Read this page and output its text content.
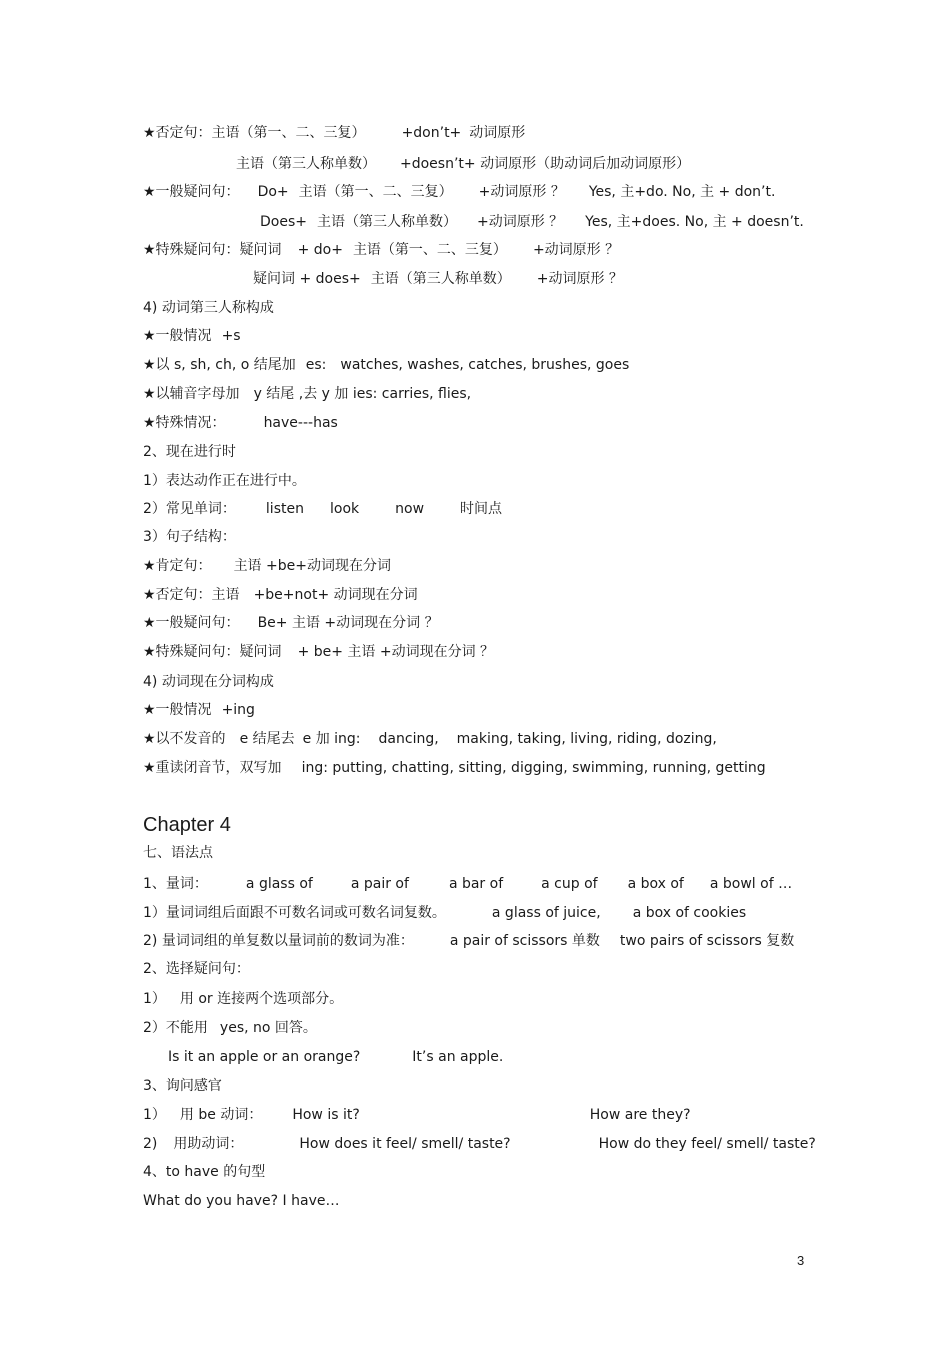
★否定句：主语（第一、二、三复）	+don’t+ 动词原形
主语（第三人称单数） +doesn’t+ 动词原形（助动词后加动词原形）
★一般疑问句： Do+ 主语（第一、二、三复） +动词原形 ？ Yes, 主+do. No, 主 + don’t.
Does+ 主语（第三人称单数） +动词原形 ？ Yes, 主+does. No, 主 + doesn’t.
★特殊疑问句：疑问词 + do+ 主语（第一、二、三复） +动词原形 ？
疑问词 + does+ 主语（第三人称单数） +动词原形 ？
4) 动词第三人称构成
★一般情况 +s
★以 s, sh, ch, o 结尾加 es: watches, washes, catches, brushes, goes
★以辅音字母加 y 结尾 ,去 y 加 ies: carries, flies,
★特殊情况：	have---has
2、现在进行时
1）表达动作正在进行中。
2）常见单词： listen look	now	时间点
3）句子结构：
★肯定句： 主语 +be+动词现在分词
★否定句：主语 +be+not+ 动词现在分词
★一般疑问句： Be+ 主语 +动词现在分词 ？
★特殊疑问句：疑问词 + be+ 主语 +动词现在分词 ？
4) 动词现在分词构成
★一般情况 +ing
★以不发音的 e 结尾去 e 加 ing: dancing, making, taking, living, riding, dozing,
★重读闭音节，双写加 ing: putting, chatting, sitting, digging, swimming, running, getting
Chapter 4
七、语法点
1、量词：	a glass of	a pair of	a bar of	a cup of a box of a bowl of …
1）量词词组后面跟不可数名词或可数名词复数。	a glass of juice, a box of cookies
2) 量词词组的单复数以量词前的数词为准：	a pair of scissors 单数 two pairs of scissors 复数
2、选择疑问句：
1） 用 or 连接两个选项部分。
2）不能用 yes, no 回答。
Is it an apple or an orange?	It’s an apple.
3、询问感官
1） 用 be 动词： How is it?	How are they?
2) 用助动词：	How does it feel/ smell/ taste?	How do they feel/ smell/ taste?
4、to have 的句型
What do you have? I have…
3
